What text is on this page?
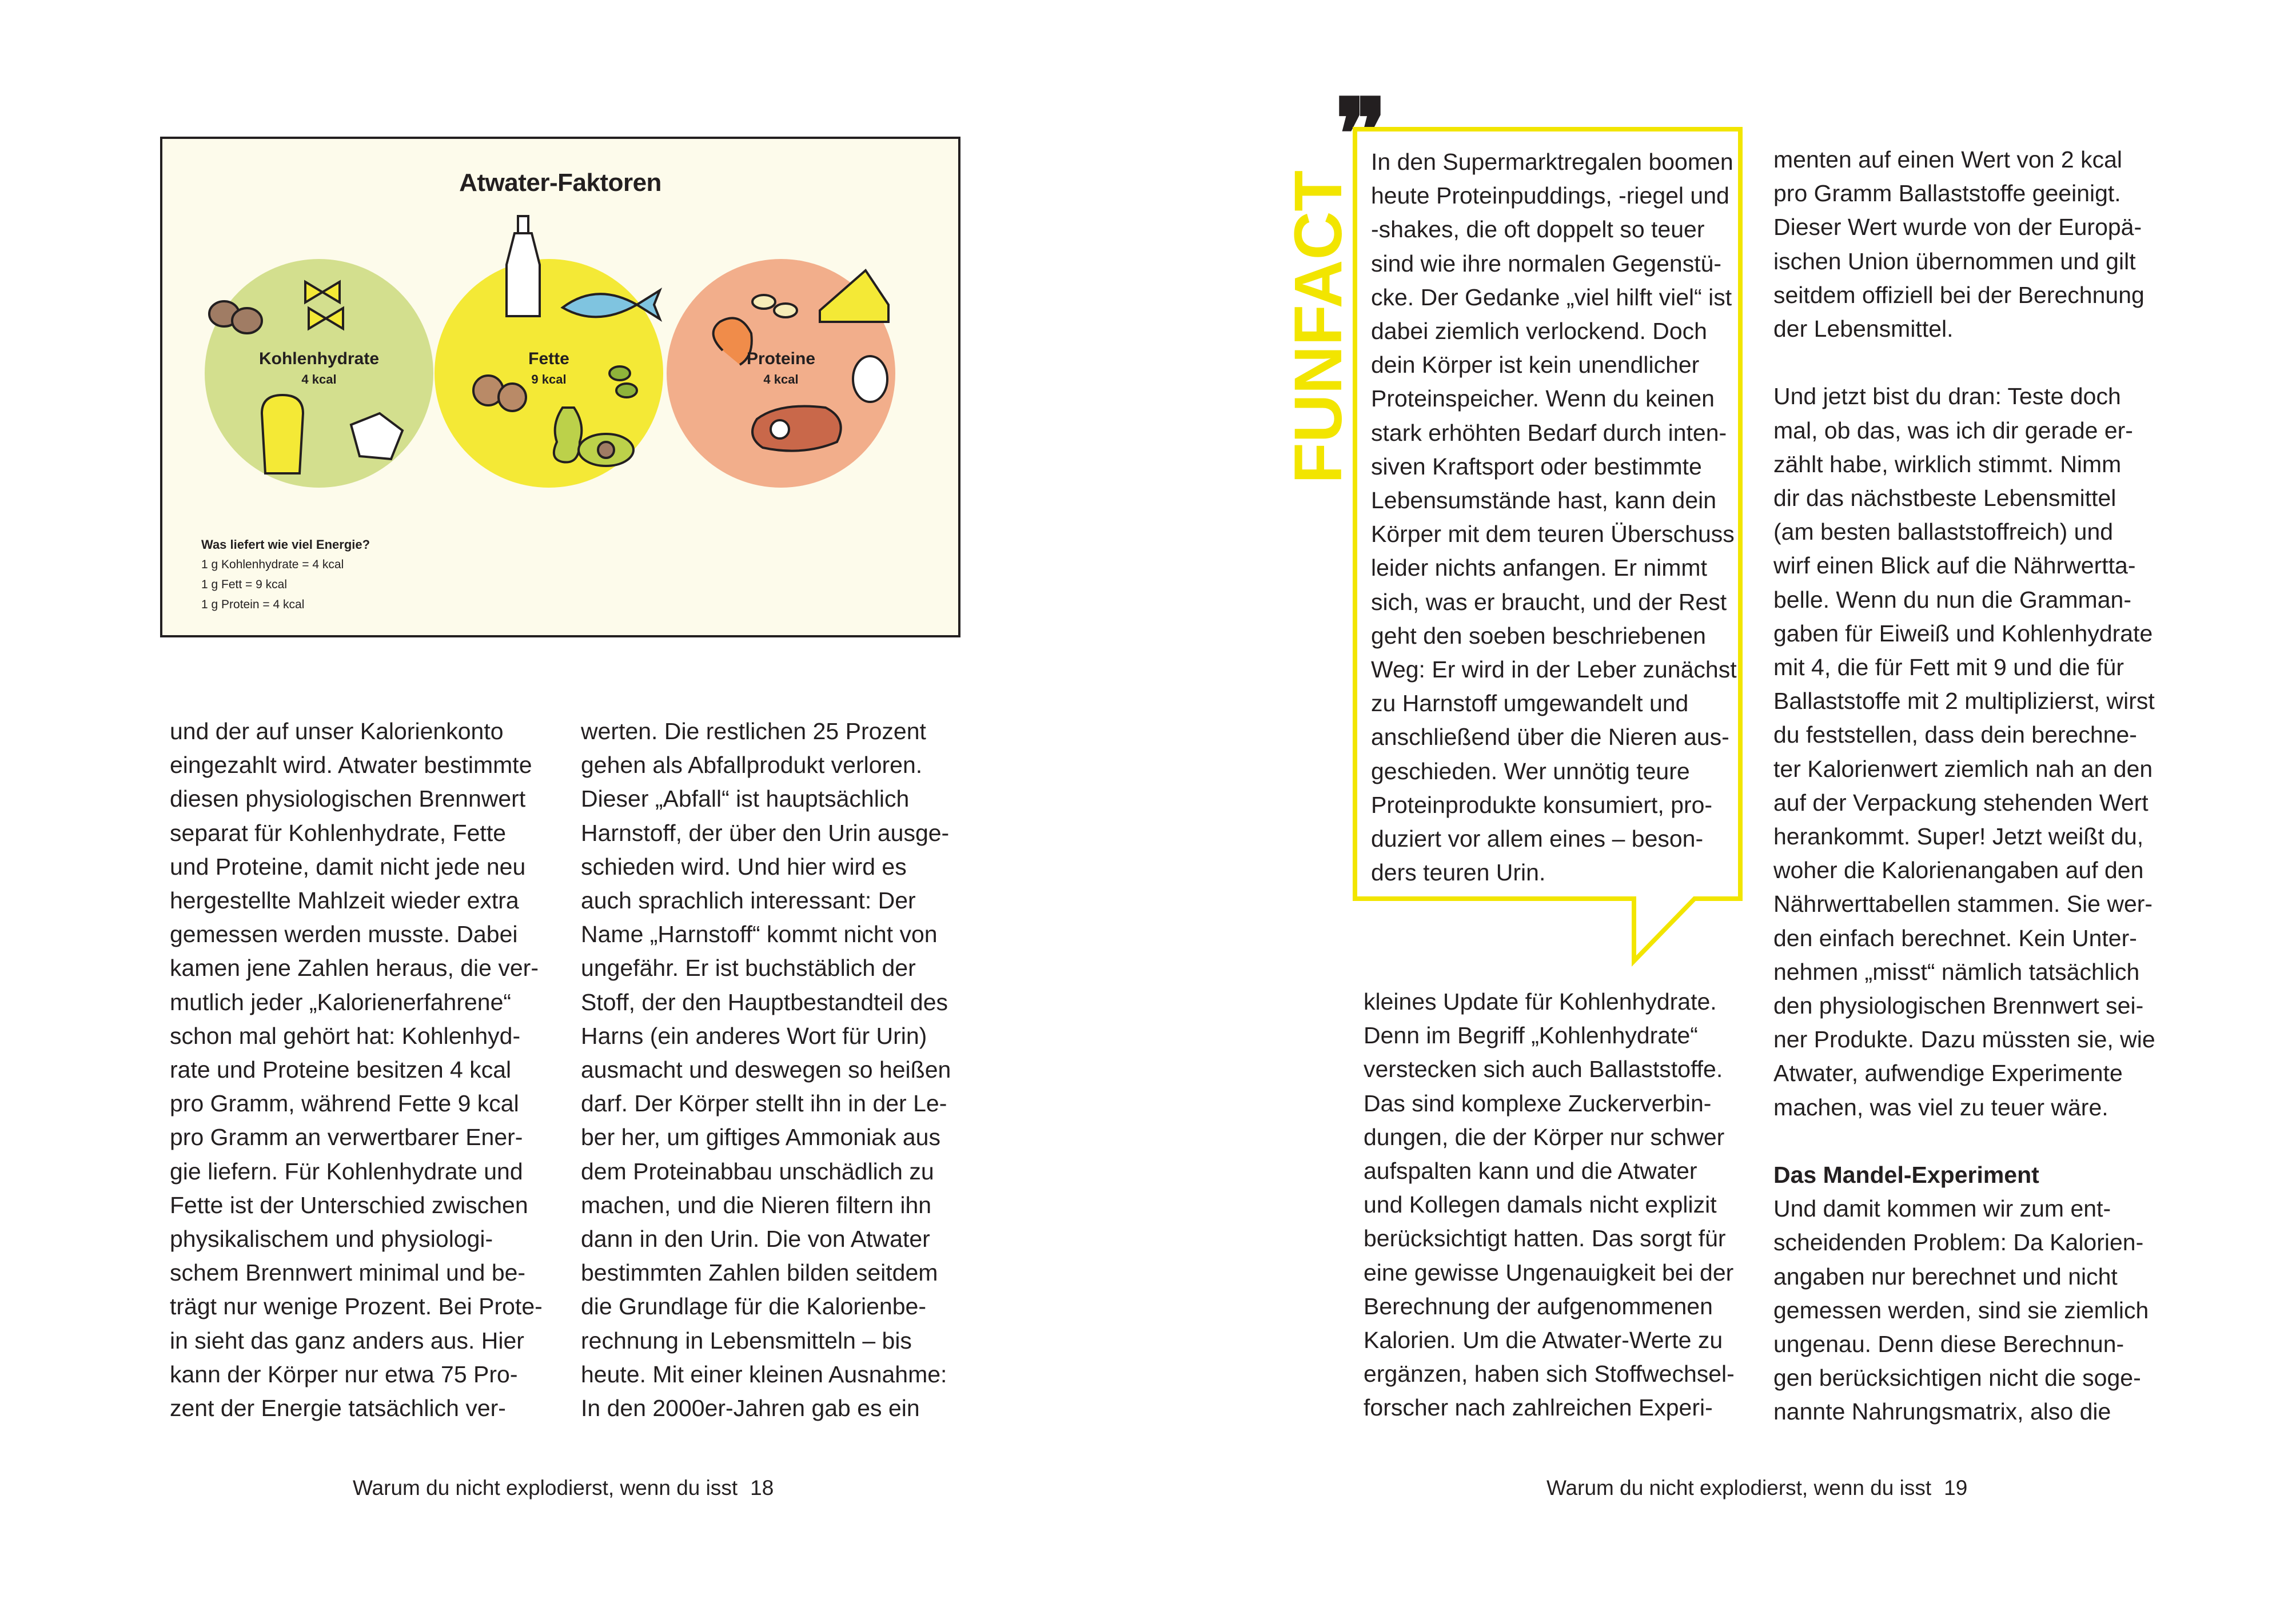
Atwater-Faktoren
Kohlenhydrate
4 kcal
Fette
9 kcal
Proteine
4 kcal
Was liefert wie viel Energie?
1 g Kohlenhydrate = 4 kcal
1 g Fett = 9 kcal
1 g Protein = 4 kcal

und der auf unser Kalorienkonto

eingezahlt wird. Atwater bestimmte

diesen physiologischen Brennwert

separat für Kohlenhydrate, Fette

und Proteine, damit nicht jede neu

hergestellte Mahlzeit wieder extra

gemessen werden musste. Dabei

kamen jene Zahlen heraus, die ver-

mutlich jeder „Kalorienerfahrene“

schon mal gehört hat: Kohlenhyd-

rate und Proteine besitzen 4 kcal

pro Gramm, während Fette 9 kcal

pro Gramm an verwertbarer Ener-

gie liefern. Für Kohlenhydrate und

Fette ist der Unterschied zwischen

physikalischem und physiologi-

schem Brennwert minimal und be-

trägt nur wenige Prozent. Bei Prote-

in sieht das ganz anders aus. Hier

kann der Körper nur etwa 75 Pro-

zent der Energie tatsächlich ver-

werten. Die restlichen 25 Prozent

gehen als Abfallprodukt verloren.

Dieser „Abfall“ ist hauptsächlich

Harnstoff, der über den Urin ausge-

schieden wird. Und hier wird es

auch sprachlich interessant: Der

Name „Harnstoff“ kommt nicht von

ungefähr. Er ist buchstäblich der

Stoff, der den Hauptbestandteil des

Harns (ein anderes Wort für Urin)

ausmacht und deswegen so heißen

darf. Der Körper stellt ihn in der Le-

ber her, um giftiges Ammoniak aus

dem Proteinabbau unschädlich zu

machen, und die Nieren filtern ihn

dann in den Urin. Die von Atwater

bestimmten Zahlen bilden seitdem

die Grundlage für die Kalorienbe-

rechnung in Lebensmitteln – bis

heute. Mit einer kleinen Ausnahme:

In den 2000er-Jahren gab es ein

Warum du nicht explodierst, wenn du isst 18
❞
FUNFACT

In den Supermarktregalen boomen

heute Proteinpuddings, -riegel und

-shakes, die oft doppelt so teuer

sind wie ihre normalen Gegenstü-

cke. Der Gedanke „viel hilft viel“ ist

dabei ziemlich verlockend. Doch

dein Körper ist kein unendlicher

Proteinspeicher. Wenn du keinen

stark erhöhten Bedarf durch inten-

siven Kraftsport oder bestimmte

Lebensumstände hast, kann dein

Körper mit dem teuren Überschuss

leider nichts anfangen. Er nimmt

sich, was er braucht, und der Rest

geht den soeben beschriebenen

Weg: Er wird in der Leber zunächst

zu Harnstoff umgewandelt und

anschließend über die Nieren aus-

geschieden. Wer unnötig teure

Proteinprodukte konsumiert, pro-

duziert vor allem eines – beson-

ders teuren Urin.

kleines Update für Kohlenhydrate.

Denn im Begriff „Kohlenhydrate“

verstecken sich auch Ballaststoffe.

Das sind komplexe Zuckerverbin-

dungen, die der Körper nur schwer

aufspalten kann und die Atwater

und Kollegen damals nicht explizit

berücksichtigt hatten. Das sorgt für

eine gewisse Ungenauigkeit bei der

Berechnung der aufgenommenen

Kalorien. Um die Atwater-Werte zu

ergänzen, haben sich Stoffwechsel-

forscher nach zahlreichen Experi-

menten auf einen Wert von 2 kcal

pro Gramm Ballaststoffe geeinigt.

Dieser Wert wurde von der Europä-

ischen Union übernommen und gilt

seitdem offiziell bei der Berechnung

der Lebensmittel.

Und jetzt bist du dran: Teste doch

mal, ob das, was ich dir gerade er-

zählt habe, wirklich stimmt. Nimm

dir das nächstbeste Lebensmittel

(am besten ballaststoffreich) und

wirf einen Blick auf die Nährwertta-

belle. Wenn du nun die Gramman-

gaben für Eiweiß und Kohlenhydrate

mit 4, die für Fett mit 9 und die für

Ballaststoffe mit 2 multiplizierst, wirst

du feststellen, dass dein berechne-

ter Kalorienwert ziemlich nah an den

auf der Verpackung stehenden Wert

herankommt. Super! Jetzt weißt du,

woher die Kalorienangaben auf den

Nährwerttabellen stammen. Sie wer-

den einfach berechnet. Kein Unter-

nehmen „misst“ nämlich tatsächlich

den physiologischen Brennwert sei-

ner Produkte. Dazu müssten sie, wie

Atwater, aufwendige Experimente

machen, was viel zu teuer wäre.

Das Mandel-Experiment

Und damit kommen wir zum ent-

scheidenden Problem: Da Kalorien-

angaben nur berechnet und nicht

gemessen werden, sind sie ziemlich

ungenau. Denn diese Berechnun-

gen berücksichtigen nicht die soge-

nannte Nahrungsmatrix, also die

Warum du nicht explodierst, wenn du isst 19
